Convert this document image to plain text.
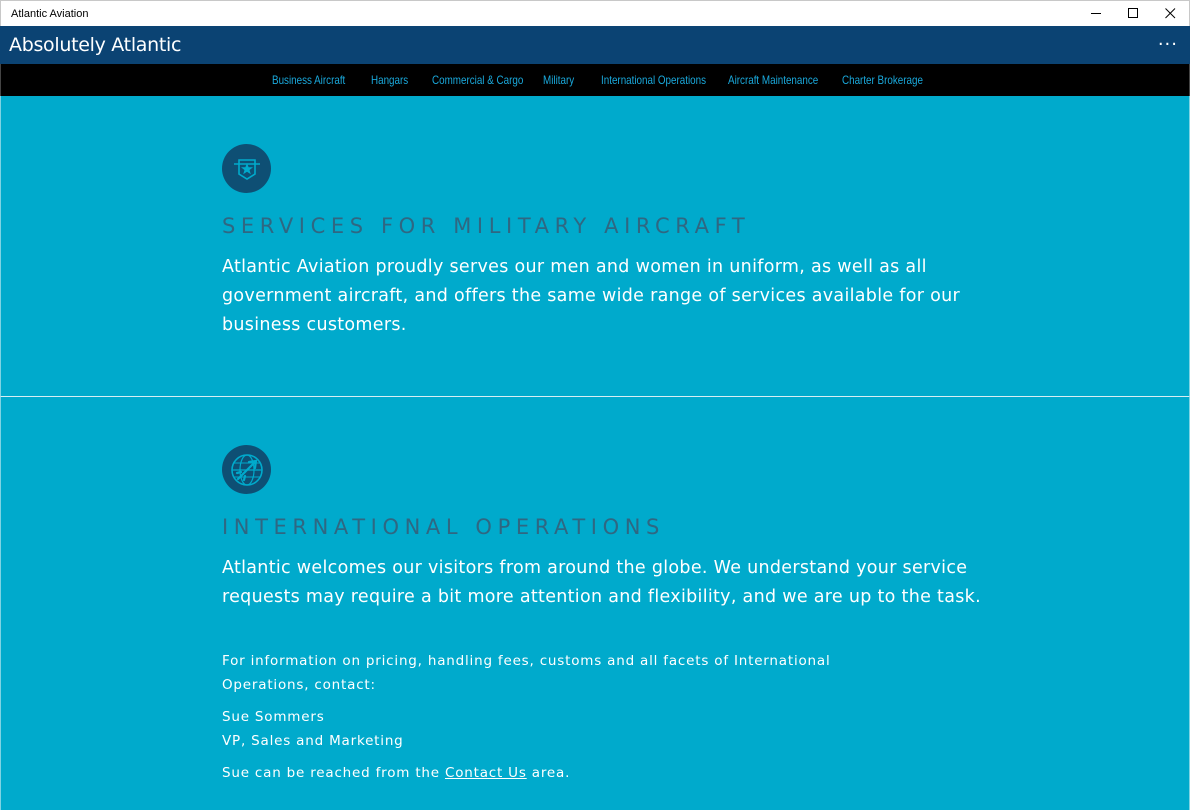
Atlantic Aviation
Absolutely Atlantic	···
Business Aircraft Hangars Commercial & Cargo Military International Operations Aircraft Maintenance Charter Brokerage
SERVICES FOR MILITARY AIRCRAFT

Atlantic Aviation proudly serves our men and women in uniform, as well as all government aircraft, and offers the same wide range of services available for our business customers.

INTERNATIONAL OPERATIONS

Atlantic welcomes our visitors from around the globe. We understand your service requests may require a bit more attention and flexibility, and we are up to the task.

For information on pricing, handling fees, customs and all facets of International Operations, contact:

Sue Sommers

VP, Sales and Marketing

Sue can be reached from the Contact Us area.
